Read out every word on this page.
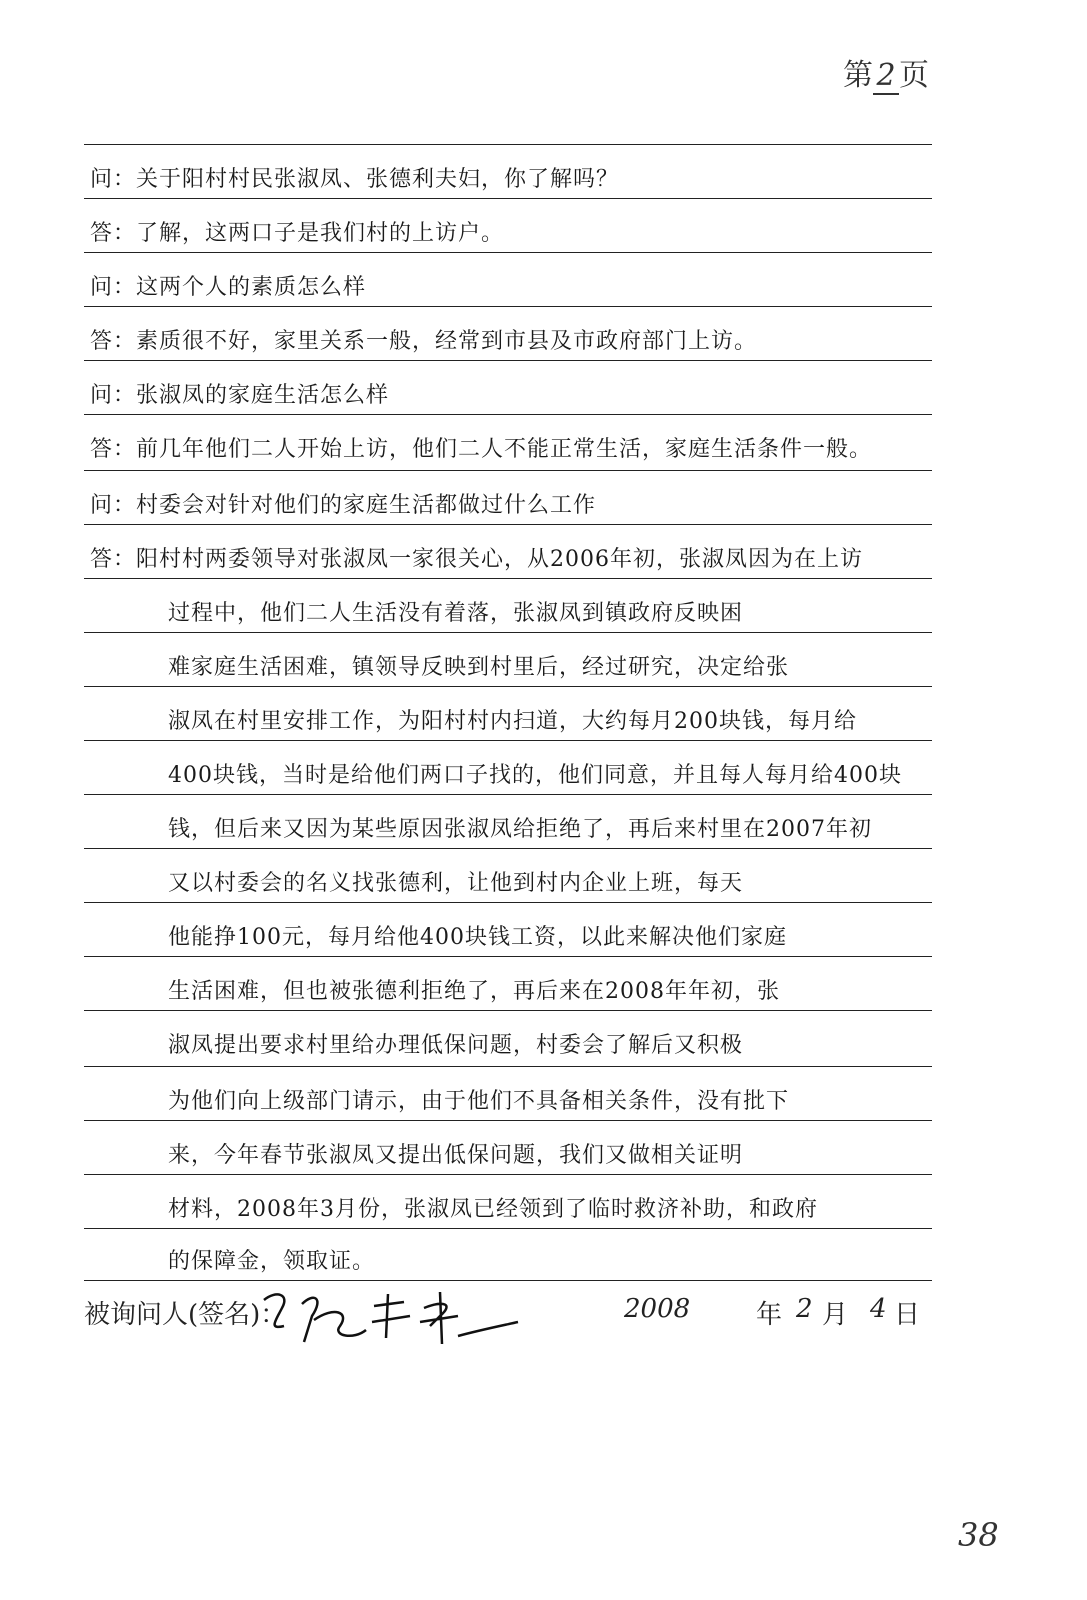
第 2 页
问：关于阳村村民张淑凤、张德利夫妇，你了解吗？
答：了解，这两口子是我们村的上访户。
问：这两个人的素质怎么样
答：素质很不好，家里关系一般，经常到市县及市政府部门上访。
问：张淑凤的家庭生活怎么样
答：前几年他们二人开始上访，他们二人不能正常生活，家庭生活条件一般。
问：村委会对针对他们的家庭生活都做过什么工作
答：阳村村两委领导对张淑凤一家很关心，从2006年初，张淑凤因为在上访
过程中，他们二人生活没有着落，张淑凤到镇政府反映困
难家庭生活困难，镇领导反映到村里后，经过研究，决定给张
淑凤在村里安排工作，为阳村村内扫道，大约每月200块钱，每月给
400块钱，当时是给他们两口子找的，他们同意，并且每人每月给400块
钱，但后来又因为某些原因张淑凤给拒绝了，再后来村里在2007年初
又以村委会的名义找张德利，让他到村内企业上班，每天
他能挣100元，每月给他400块钱工资，以此来解决他们家庭
生活困难，但也被张德利拒绝了，再后来在2008年年初，张
淑凤提出要求村里给办理低保问题，村委会了解后又积极
为他们向上级部门请示，由于他们不具备相关条件，没有批下
来，今年春节张淑凤又提出低保问题，我们又做相关证明
材料，2008年3月份，张淑凤已经领到了临时救济补助，和政府
的保障金，领取证。
被询问人(签名)：	2008	年 2 月 4 日
38
